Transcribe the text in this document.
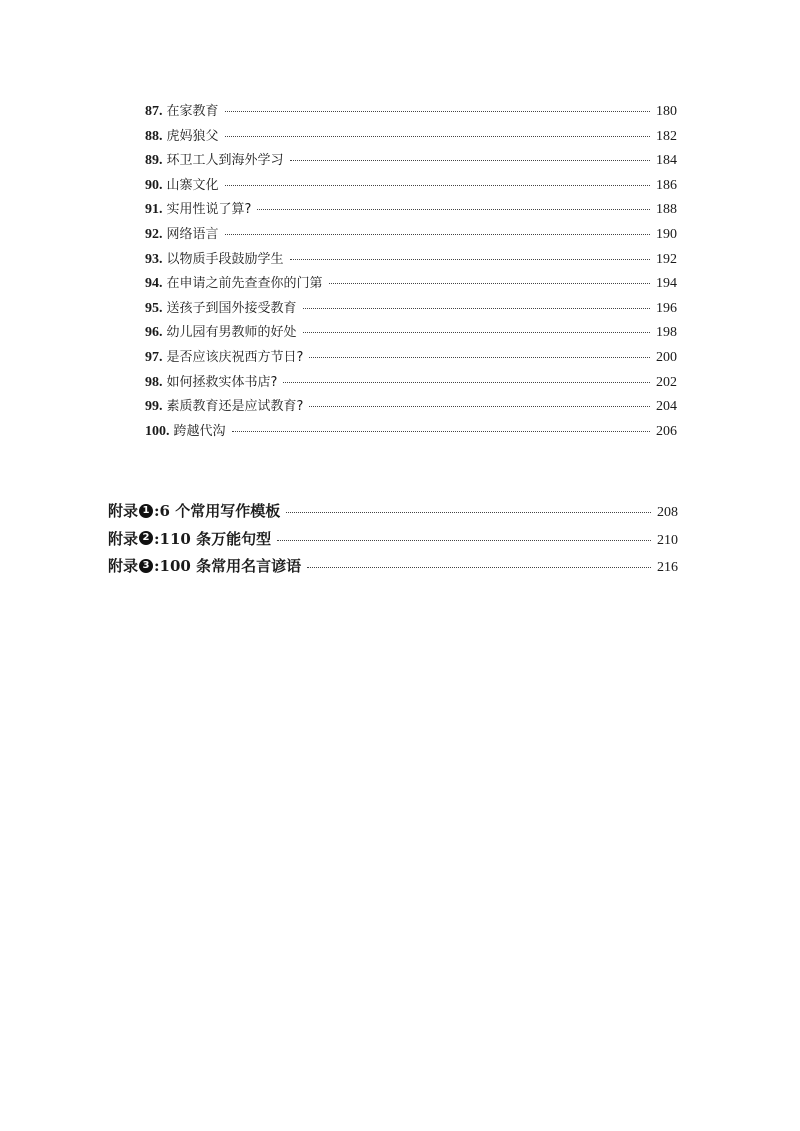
87. 在家教育	180
88. 虎妈狼父	182
89. 环卫工人到海外学习	184
90. 山寨文化	186
91. 实用性说了算?	188
92. 网络语言	190
93. 以物质手段鼓励学生	192
94. 在申请之前先查查你的门第	194
95. 送孩子到国外接受教育	196
96. 幼儿园有男教师的好处	198
97. 是否应该庆祝西方节日?	200
98. 如何拯救实体书店?	202
99. 素质教育还是应试教育?	204
100. 跨越代沟	206
附录 1 :6 个常用写作模板	208
附录 2 :110 条万能句型	210
附录 3 :100 条常用名言谚语	216
